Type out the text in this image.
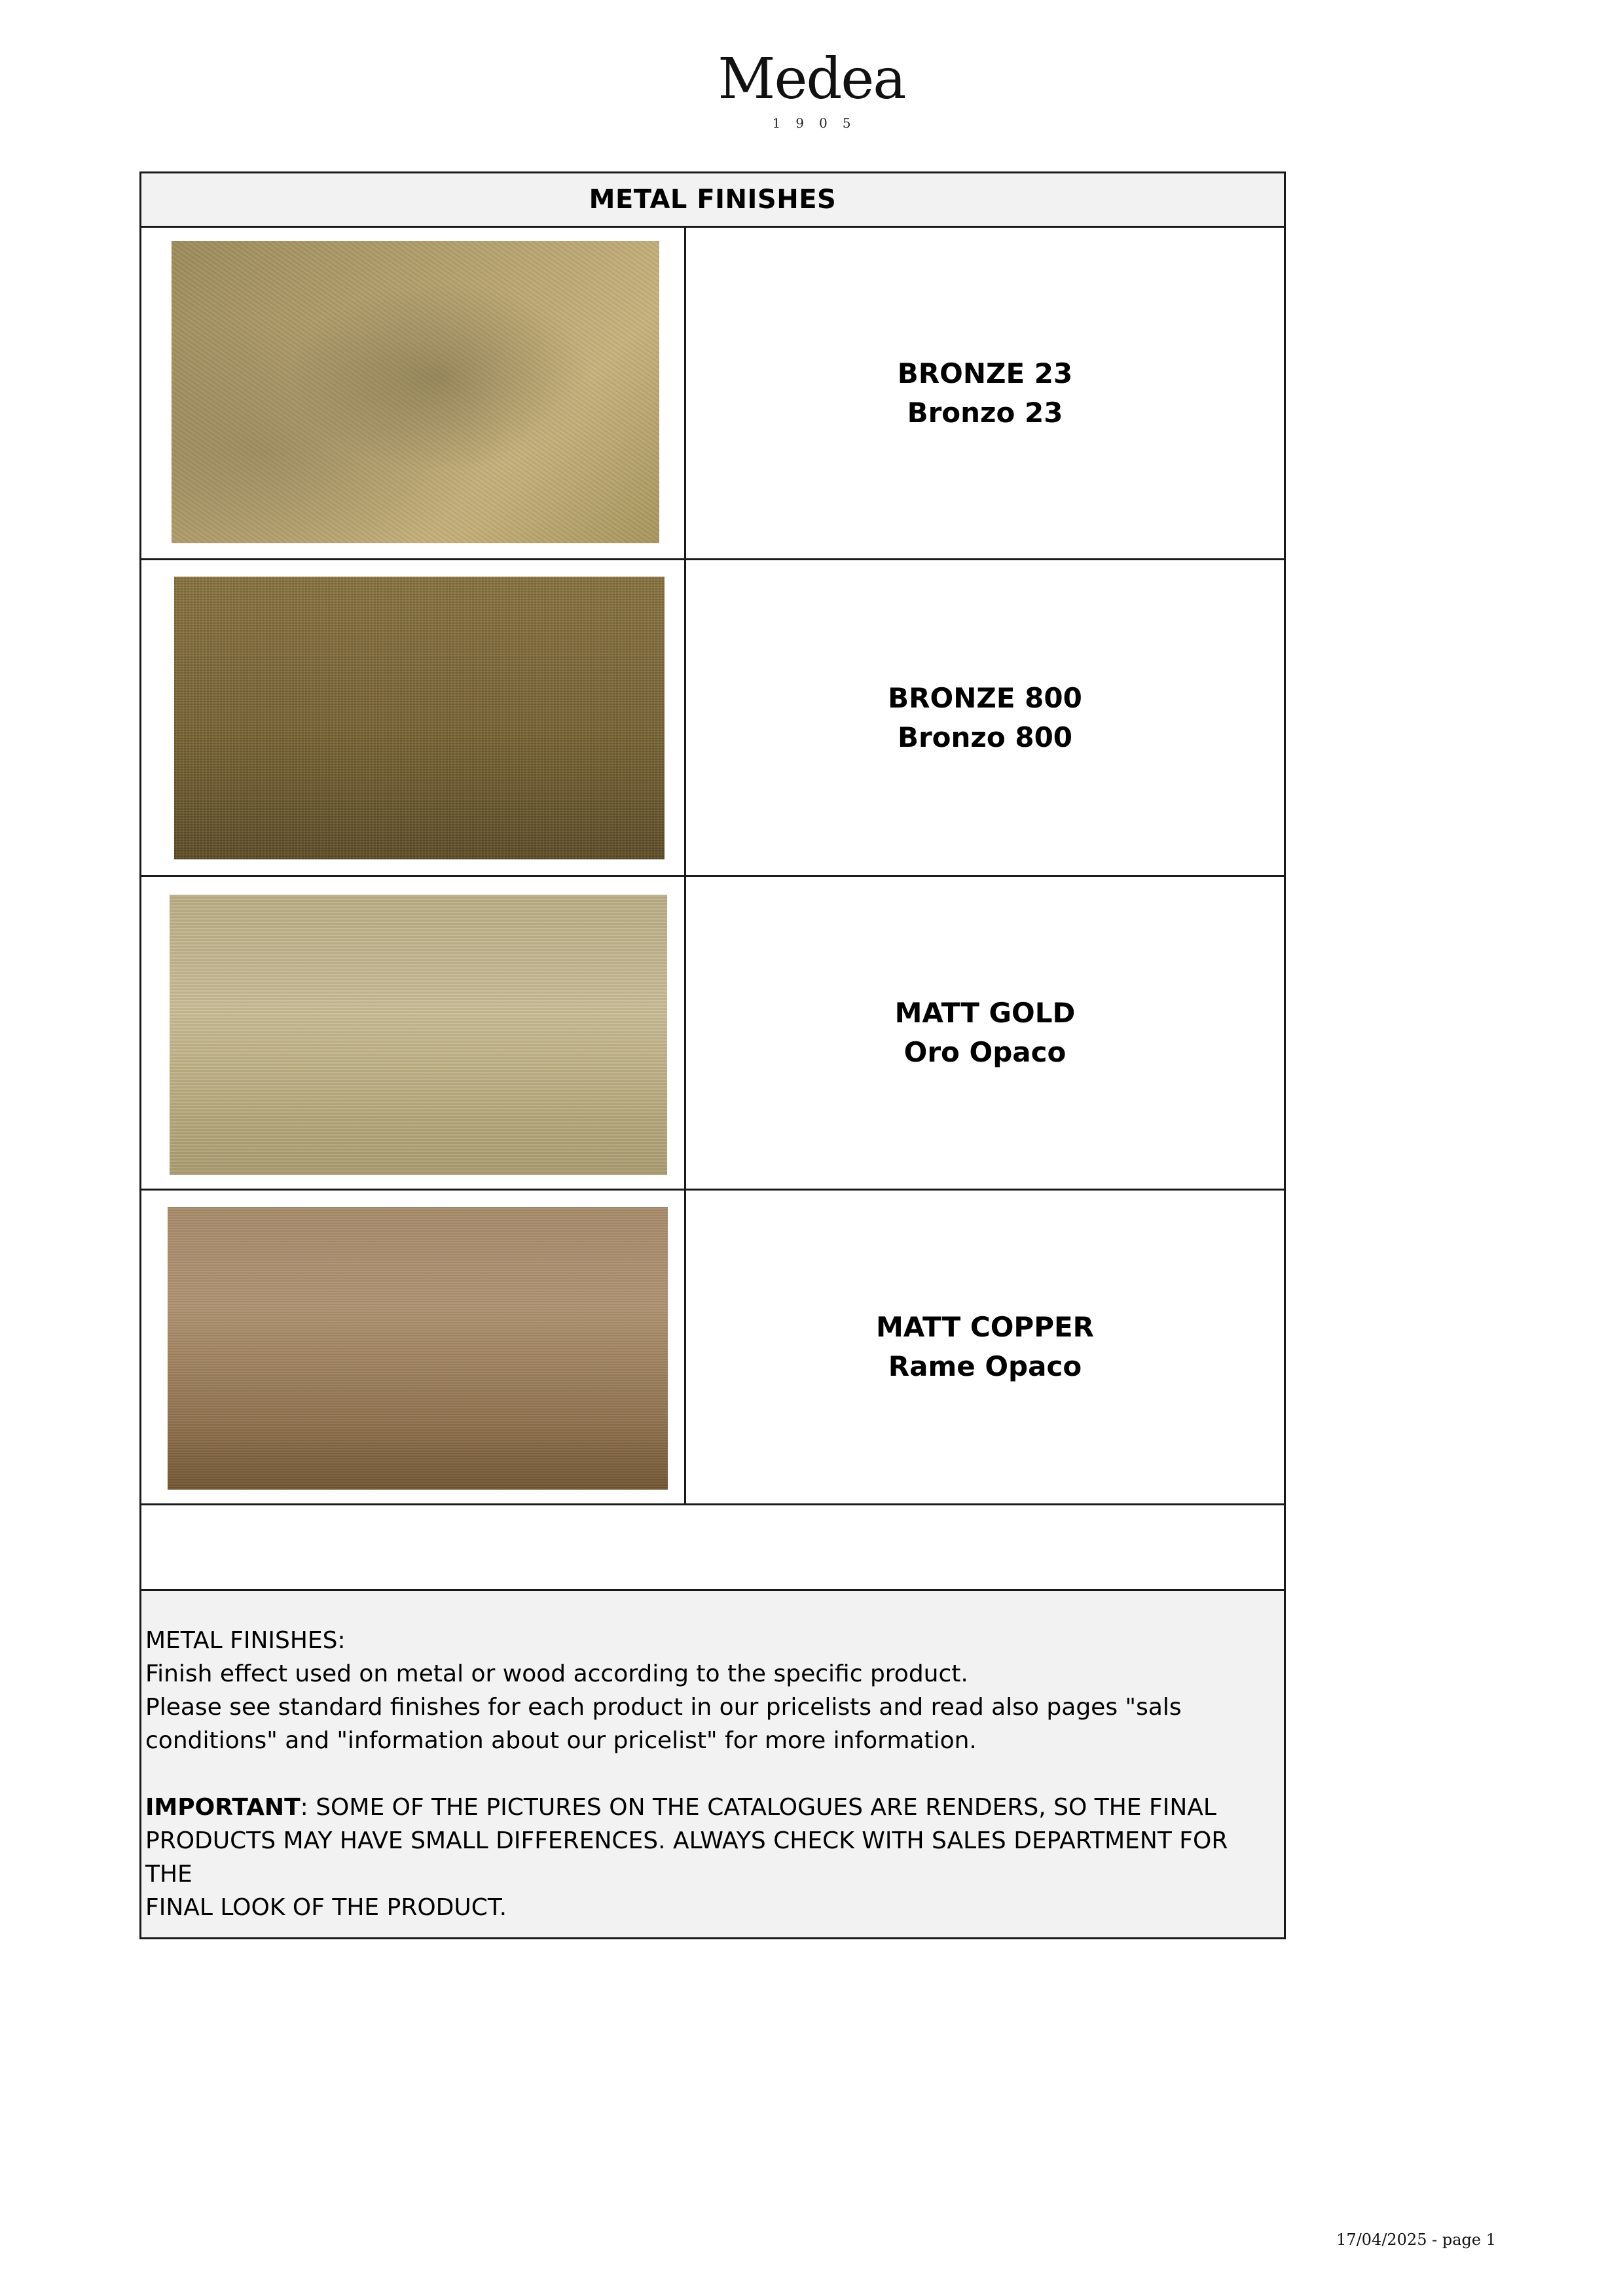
Medea
1905
METAL FINISHES
BRONZE 23
Bronzo 23
BRONZE 800
Bronzo 800
MATT GOLD
Oro Opaco
MATT COPPER
Rame Opaco

METAL FINISHES:

Finish effect used on metal or wood according to the specific product.

Please see standard finishes for each product in our pricelists and read also pages "sals

conditions" and "information about our pricelist" for more information.

IMPORTANT: SOME OF THE PICTURES ON THE CATALOGUES ARE RENDERS, SO THE FINAL

PRODUCTS MAY HAVE SMALL DIFFERENCES. ALWAYS CHECK WITH SALES DEPARTMENT FOR THE

FINAL LOOK OF THE PRODUCT.

17/04/2025 - page 1
